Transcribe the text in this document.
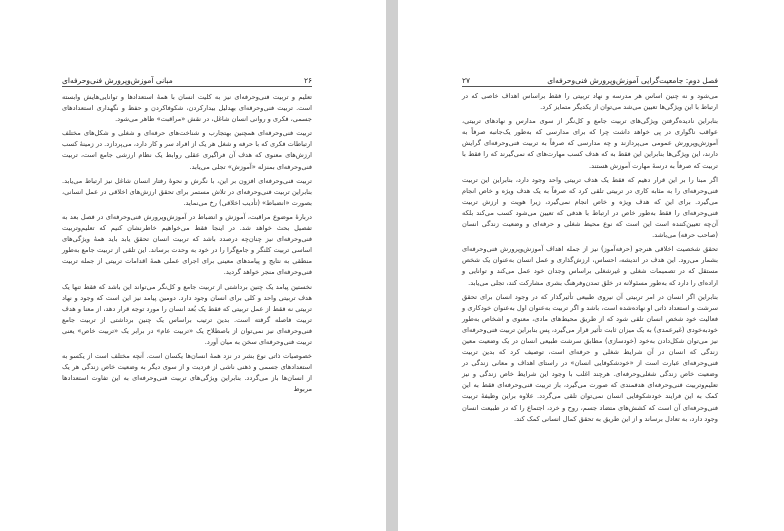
۲۶
مبانی آموزش‌وپرورش فنی‌وحرفه‌ای

تعلیم و تربیت فنی‌وحرفه‌ای نیز به کلیت انسان با همهٔ استعدادها و توانایی‌هایش وابسته است. تربیت فنی‌وحرفه‌ای بهدلیل بیدارکردن، شکوفاکردن و حفظ و نگهداری استعدادهای جسمی، فکری و روانی انسان شاغل، در نقش «مراقبت» ظاهر می‌شود.

تربیت فنی‌وحرفه‌ای همچنین بهتجارب و شناخت‌های حرفه‌ای و شغلی و شکل‌های مختلف ارتباطات فکری که با حرفه و شغل هر یک از افراد سر و کار دارد، می‌پردازد. در زمینهٔ کسب ارزش‌های معنوی که هدف آن فراگیری عقلی روابط یک نظام ارزشی جامع است، تربیت فنی‌وحرفه‌ای بمنزله «آموزش» تجلی می‌یابد.

تربیت فنی‌وحرفه‌ای افزون بر این، با نگرش و نحوهٔ رفتار انسان شاغل نیز ارتباط می‌یابد. بنابراین تربیت فنی‌وحرفه‌ای در تلاش مستمر برای تحقق ارزش‌های اخلاقی در عمل انسانی، بصورت «انضباط» (تأدیب اخلاقی) رخ می‌نماید.

دربارهٔ موضوع مراقبت، آموزش و انضباط در آموزش‌وپرورش فنی‌وحرفه‌ای در فصل بعد به تفصیل بحث خواهد شد. در اینجا فقط می‌خواهیم خاطرنشان کنیم که تعلیم‌وتربیت فنی‌وحرفه‌ای نیز چنان‌چه درصدد باشد که تربیت انسان تحقق یابد باید همهٔ ویژگی‌های اساسی تربیت کلنگر و جامع‌گرا را در خود به وحدت برساند. این تلقی از تربیت جامع به‌طور منطقی به نتایج و پیامدهای معینی برای اجرای عملی همهٔ اقدامات تربیتی از جمله تربیت فنی‌وحرفه‌ای منجر خواهد گردید.

نخستین پیامد یک چنین برداشتی از تربیت جامع و کل‌نگر می‌تواند این باشد که فقط تنها یک هدف تربیتی واحد و کلی برای انسان وجود دارد. دومین پیامد نیز این است که وجود و نهاد تربیتی نه فقط از عمل تربیتی که فقط یک بُعد انسان را مورد توجه قرار دهد، از معنا و هدف تربیت فاصله گرفته است. بدین ترتیب براساس یک چنین برداشتی از تربیت جامع فنی‌وحرفه‌ای نیز نمی‌توان از باصطلاح یک «تربیت عام» در برابر یک «تربیت خاص» یعنی تربیت فنی‌وحرفه‌ای سخن به میان آورد.

خصوصیات ذاتی نوع بشر در نزد همهٔ انسان‌ها یکسان است. آنچه مختلف است از یکسو به استعدادهای جسمی و ذهنی ناشی از فردیت و از سوی دیگر به وضعیت خاص زندگی هر یک از انسان‌ها باز می‌گردد. بنابراین ویژگی‌های تربیت فنی‌وحرفه‌ای به این تفاوت استعدادها مربوط

۲۷	فصل دوم: جامعیت‌گرایی آموزش‌وپرورش فنی‌وحرفه‌ای

می‌شود و نه چنین اساس هر مدرسه و نهاد تربیتی را فقط براساس اهداف خاصی که در ارتباط با این ویژگی‌ها تعیین می‌شد می‌توان از یکدیگر متمایز کرد.

بنابراین نادیده‌گرفتن ویژگی‌های تربیت جامع و کل‌نگر از سوی مدارس و نهادهای تربیتی، عواقب ناگواری در پی خواهد داشت چرا که برای مدارسی که به‌طور یک‌جانبه صرفاً به آموزش‌وپرورش عمومی می‌پردازند و چه مدارسی که صرفاً به تربیت فنی‌وحرفه‌ای گرایش دارند، این ویژگی‌ها بنابراین این فقط به که هدف کسب مهارت‌های که نمی‌گیرند که را فقط با تربیت که صرفاً به درسهٔ مهارت آموزش هستند.

اگر مبنا را بر این قرار دهیم که فقط یک هدف تربیتی واحد وجود دارد، بنابراین این تربیت فنی‌وحرفه‌ای را به مثابه کاری در تربیتی تلقی کرد که صرفاً به یک هدف ویژه و خاص انجام می‌گیرد. برای این که هدف ویژه و خاص انجام نمی‌گیرد، زیرا هویت و ارزش تربیت فنی‌وحرفه‌ای را فقط به‌طور خاص در ارتباط با هدفی که تعیین می‌شود کسب می‌کند بلکه آن‌چه تعیین‌کننده است این است که نوع محیط شغلی و حرفه‌ای و وضعیت زندگی انسان (صاحب حرفه) می‌باشد.

تحقق شخصیت اخلاقی هنرجو (حرفه‌آموز) نیز از جمله اهداف آموزش‌وپرورش فنی‌وحرفه‌ای بشمار می‌رود. این هدف در اندیشه، احساس، ارزش‌گذاری و عمل انسان به‌عنوان یک شخص مستقل که در تصمیمات شغلی و غیرشغلی براساس وجدان خود عمل می‌کند و توانایی و اراده‌ای را دارد که به‌طور مسئولانه در خلق تمدن‌وفرهنگ بشری مشارکت کند، تجلی می‌یابد.

بنابراین اگر انسان در امر تربیتی آن نیروی طبیعی تأثیرگذار که در وجود انسان برای تحقق سرشت و استعداد ذاتی او نهاده‌شده است، باشد و اگر تربیت به‌عنوان اول به‌عنوان خودکاری و فعالیت خود شخص انسان تلقی شود که از طریق محیط‌های مادی، معنوی و اشخاص به‌طور خودبه‌خودی (غیرعمدی) به یک میزان ثابت تأثیر قرار می‌گیرد، پس بنابراین تربیت فنی‌وحرفه‌ای نیز می‌توان شکل‌دادن به‌خود (خودسازی) مطابق سرشت طبیعی انسان در یک وضعیت معین زندگی که انسان در آن شرایط شغلی و حرفه‌ای است، توصیف کرد که بدین تربیت فنی‌وحرفه‌ای عبارت است از «خودشکوفایی انسان» در راستای اهداف و معانی زندگی در وضعیت خاص زندگی شغلی‌وحرفه‌ای. هرچند اغلب با وجود این شرایط خاص زندگی و نیز تعلیم‌وتربیت فنی‌وحرفه‌ای هدفمندی که صورت می‌گیرد، باز تربیت فنی‌وحرفه‌ای فقط به این کمک به این فرایند خودشکوفایی انسان نمی‌توان تلقی می‌گردد. علاوه براین وظیفهٔ تربیت فنی‌وحرفه‌ای آن است که کشش‌های متضاد جسم، روح و خرد، اجتماع را که در طبیعت انسان وجود دارد، به تعادل برساند و از این طریق به تحقق کمال انسانی کمک کند.
